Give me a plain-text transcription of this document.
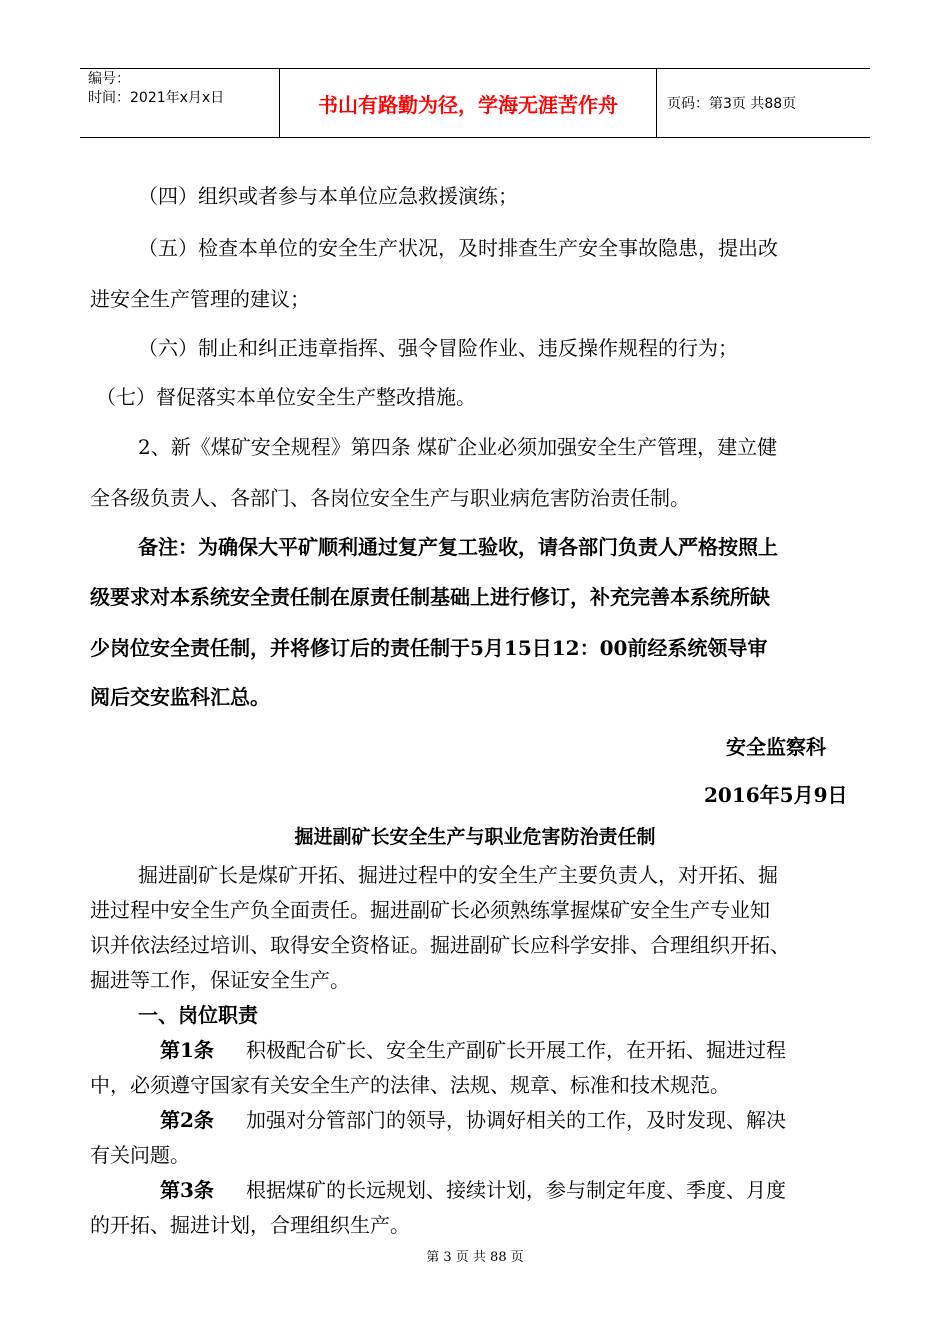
编号：
时间：2021年x月x日	书山有路勤为径，学海无涯苦作舟	页码：第3页 共88页
（四）组织或者参与本单位应急救援演练；
（五）检查本单位的安全生产状况，及时排查生产安全事故隐患，提出改
进安全生产管理的建议；
（六）制止和纠正违章指挥、强令冒险作业、违反操作规程的行为；
（七）督促落实本单位安全生产整改措施。
2、新《煤矿安全规程》第四条 煤矿企业必须加强安全生产管理，建立健
全各级负责人、各部门、各岗位安全生产与职业病危害防治责任制。
备注：为确保大平矿顺利通过复产复工验收，请各部门负责人严格按照上
级要求对本系统安全责任制在原责任制基础上进行修订，补充完善本系统所缺
少岗位安全责任制，并将修订后的责任制于5月15日12：00前经系统领导审
阅后交安监科汇总。
安全监察科
2016年5月9日
掘进副矿长安全生产与职业危害防治责任制
掘进副矿长是煤矿开拓、掘进过程中的安全生产主要负责人，对开拓、掘
进过程中安全生产负全面责任。掘进副矿长必须熟练掌握煤矿安全生产专业知
识并依法经过培训、取得安全资格证。掘进副矿长应科学安排、合理组织开拓、
掘进等工作，保证安全生产。
一、岗位职责
第1条 积极配合矿长、安全生产副矿长开展工作，在开拓、掘进过程
中，必须遵守国家有关安全生产的法律、法规、规章、标准和技术规范。
第2条 加强对分管部门的领导，协调好相关的工作，及时发现、解决
有关问题。
第3条 根据煤矿的长远规划、接续计划，参与制定年度、季度、月度
的开拓、掘进计划，合理组织生产。
第 3 页 共 88 页
